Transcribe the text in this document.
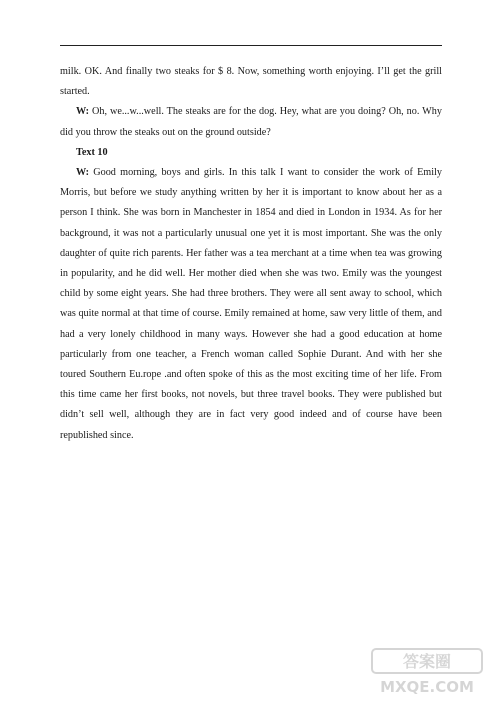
milk. OK. And finally two steaks for $ 8. Now, something worth enjoying. I’ll get the grill started.

W: Oh, we...w...well. The steaks are for the dog. Hey, what are you doing? Oh, no. Why did you throw the steaks out on the ground outside?

Text 10

W: Good morning, boys and girls. In this talk I want to consider the work of Emily Morris, but before we study anything written by her it is important to know about her as a person I think. She was born in Manchester in 1854 and died in London in 1934. As for her background, it was not a particularly unusual one yet it is most important. She was the only daughter of quite rich parents. Her father was a tea merchant at a time when tea was growing in popularity, and he did well. Her mother died when she was two. Emily was the youngest child by some eight years. She had three brothers. They were all sent away to school, which was quite normal at that time of course. Emily remained at home, saw very little of them, and had a very lonely childhood in many ways. However she had a good education at home particularly from one teacher, a French woman called Sophie Durant. And with her she toured Southern Eu.rope .and often spoke of this as the most exciting time of her life. From this time came her first books, not novels, but three travel books. They were published but didn’t sell well, although they are in fact very good indeed and of course have been republished since.

答案圈
MXQE.COM
